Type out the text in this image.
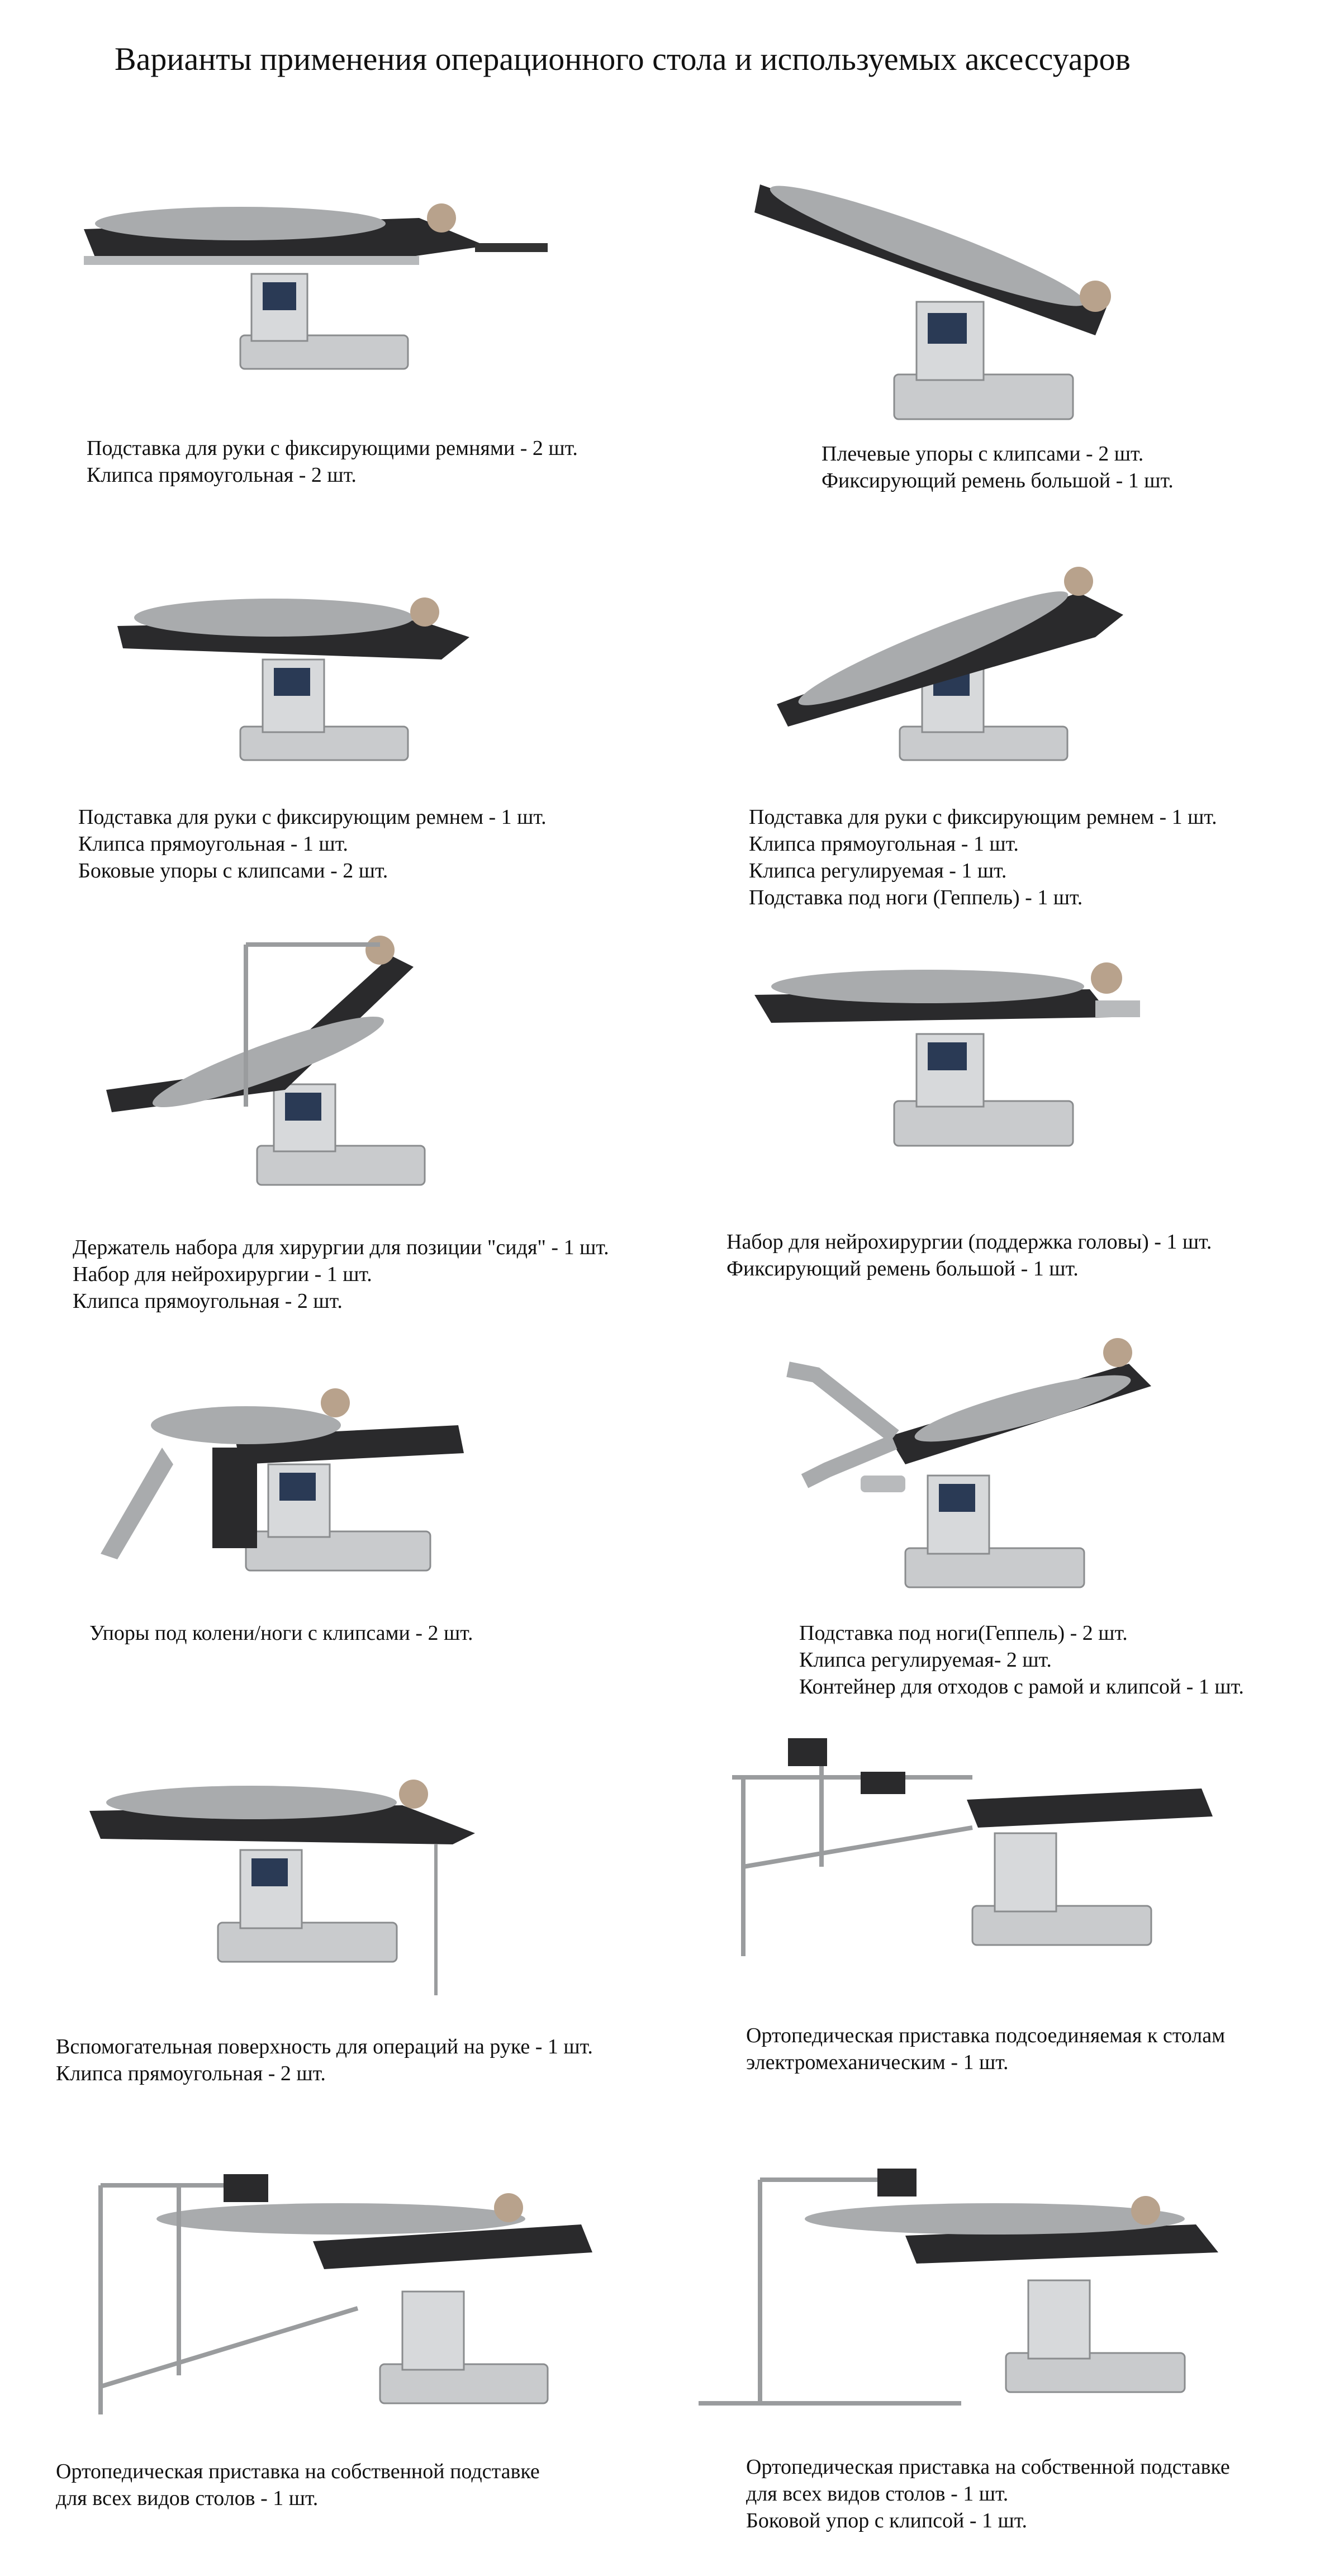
Варианты применения операционного стола и используемых аксессуаров
Подставка для руки с фиксирующими ремнями - 2 шт.
Клипса прямоугольная - 2 шт.
Плечевые упоры с клипсами - 2 шт.
Фиксирующий ремень большой - 1 шт.
Подставка для руки с фиксирующим ремнем - 1 шт.
Клипса прямоугольная - 1 шт.
Боковые упоры с клипсами - 2 шт.
Подставка для руки с фиксирующим ремнем - 1 шт.
Клипса прямоугольная - 1 шт.
Клипса регулируемая - 1 шт.
Подставка под ноги (Геппель) - 1 шт.
Держатель набора для хирургии для позиции "сидя" - 1 шт.
Набор для нейрохирургии - 1 шт.
Клипса прямоугольная - 2 шт.
Набор для нейрохирургии (поддержка головы) - 1 шт.
Фиксирующий ремень большой - 1 шт.
Упоры под колени/ноги с клипсами - 2 шт.	Подставка под ноги(Геппель) - 2 шт.
Клипса регулируемая- 2 шт.
Контейнер для отходов с рамой и клипсой - 1 шт.
Вспомогательная поверхность для операций на руке - 1 шт.
Клипса прямоугольная - 2 шт.
Ортопедическая приставка подсоединяемая к столам
электромеханическим - 1 шт.
Ортопедическая приставка на собственной подставке
для всех видов столов - 1 шт.
Ортопедическая приставка на собственной подставке
для всех видов столов - 1 шт.
Боковой упор с клипсой - 1 шт.
